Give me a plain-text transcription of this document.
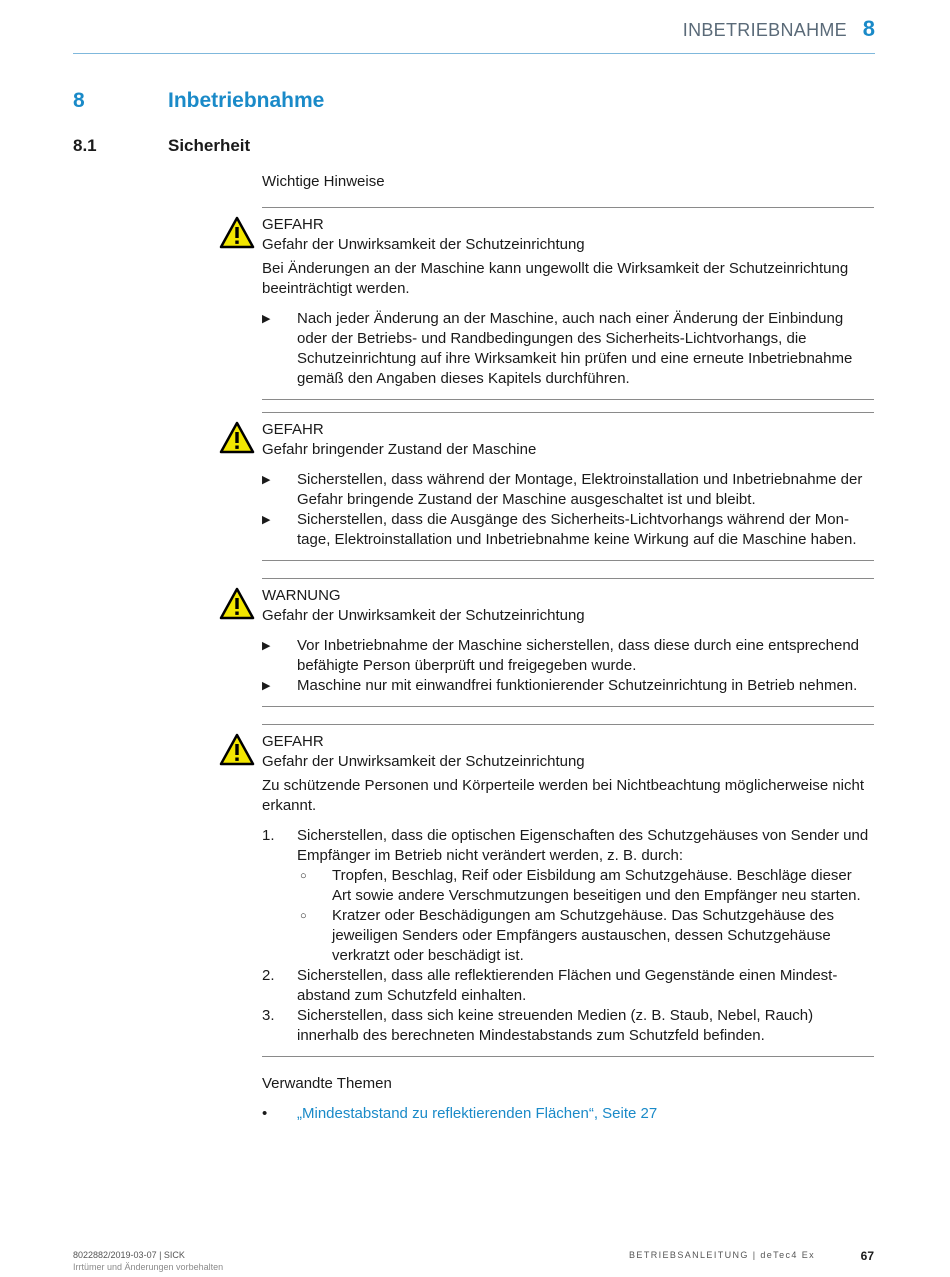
INBETRIEBNAHME 8
8	Inbetriebnahme
8.1	Sicherheit
Wichtige Hinweise
GEFAHR
Gefahr der Unwirksamkeit der Schutzeinrichtung
Bei Änderungen an der Maschine kann ungewollt die Wirksamkeit der Schutzeinrichtung beeinträchtigt werden.
▶ Nach jeder Änderung an der Maschine, auch nach einer Änderung der Einbindung oder der Betriebs- und Randbedingungen des Sicherheits-Lichtvorhangs, die Schutzeinrichtung auf ihre Wirksamkeit hin prüfen und eine erneute Inbetriebnahme gemäß den Angaben dieses Kapitels durchführen.
GEFAHR
Gefahr bringender Zustand der Maschine
▶ Sicherstellen, dass während der Montage, Elektroinstallation und Inbetriebnahme der Gefahr bringende Zustand der Maschine ausgeschaltet ist und bleibt.
▶ Sicherstellen, dass die Ausgänge des Sicherheits-Lichtvorhangs während der Montage, Elektroinstallation und Inbetriebnahme keine Wirkung auf die Maschine haben.
WARNUNG
Gefahr der Unwirksamkeit der Schutzeinrichtung
▶ Vor Inbetriebnahme der Maschine sicherstellen, dass diese durch eine entsprechend befähigte Person überprüft und freigegeben wurde.
▶ Maschine nur mit einwandfrei funktionierender Schutzeinrichtung in Betrieb nehmen.
GEFAHR
Gefahr der Unwirksamkeit der Schutzeinrichtung
Zu schützende Personen und Körperteile werden bei Nichtbeachtung möglicherweise nicht erkannt.
1. Sicherstellen, dass die optischen Eigenschaften des Schutzgehäuses von Sender und Empfänger im Betrieb nicht verändert werden, z. B. durch:
○ Tropfen, Beschlag, Reif oder Eisbildung am Schutzgehäuse. Beschläge dieser Art sowie andere Verschmutzungen beseitigen und den Empfänger neu starten.
○ Kratzer oder Beschädigungen am Schutzgehäuse. Das Schutzgehäuse des jeweiligen Senders oder Empfängers austauschen, dessen Schutzgehäuse verkratzt oder beschädigt ist.
2. Sicherstellen, dass alle reflektierenden Flächen und Gegenstände einen Mindestabstand zum Schutzfeld einhalten.
3. Sicherstellen, dass sich keine streuenden Medien (z. B. Staub, Nebel, Rauch) innerhalb des berechneten Mindestabstands zum Schutzfeld befinden.
Verwandte Themen
• „Mindestabstand zu reflektierenden Flächen“, Seite 27
8022882/2019-03-07 | SICK
Irrtümer und Änderungen vorbehalten
BETRIEBSANLEITUNG | deTec4 Ex	67
